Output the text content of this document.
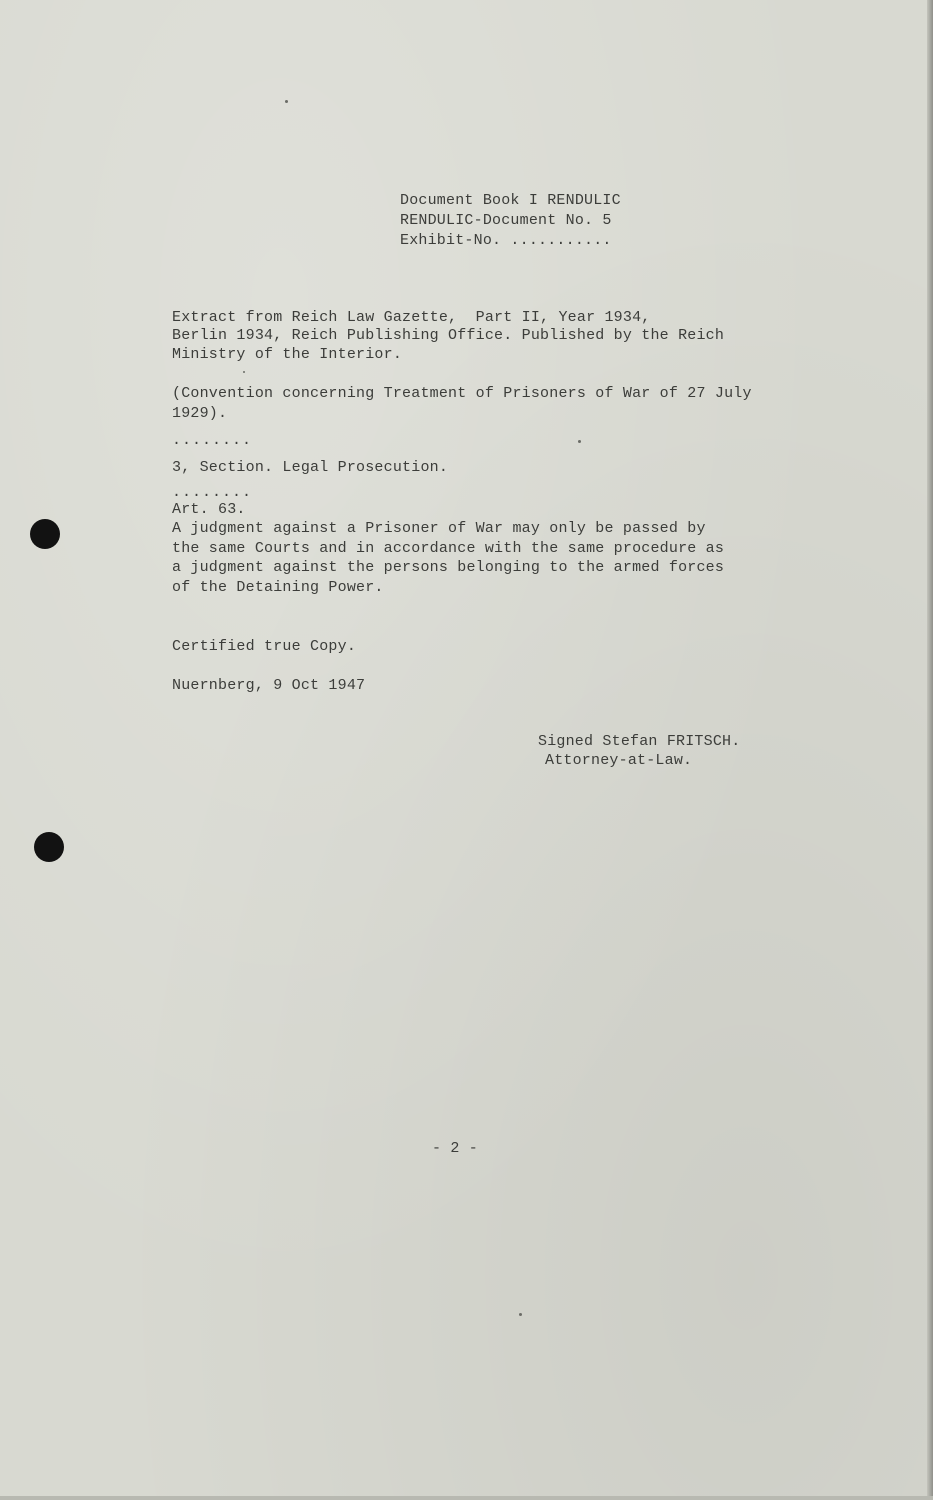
Document Book I RENDULIC
RENDULIC-Document No. 5
Exhibit-No. ...........
Extract from Reich Law Gazette,  Part II, Year 1934,
Berlin 1934, Reich Publishing Office. Published by the Reich
Ministry of the Interior.
(Convention concerning Treatment of Prisoners of War of 27 July
1929).
........
3, Section. Legal Prosecution.
........
Art. 63.
A judgment against a Prisoner of War may only be passed by
the same Courts and in accordance with the same procedure as
a judgment against the persons belonging to the armed forces
of the Detaining Power.
Certified true Copy.
Nuernberg, 9 Oct 1947
Signed Stefan FRITSCH.
Attorney-at-Law.
- 2 -
